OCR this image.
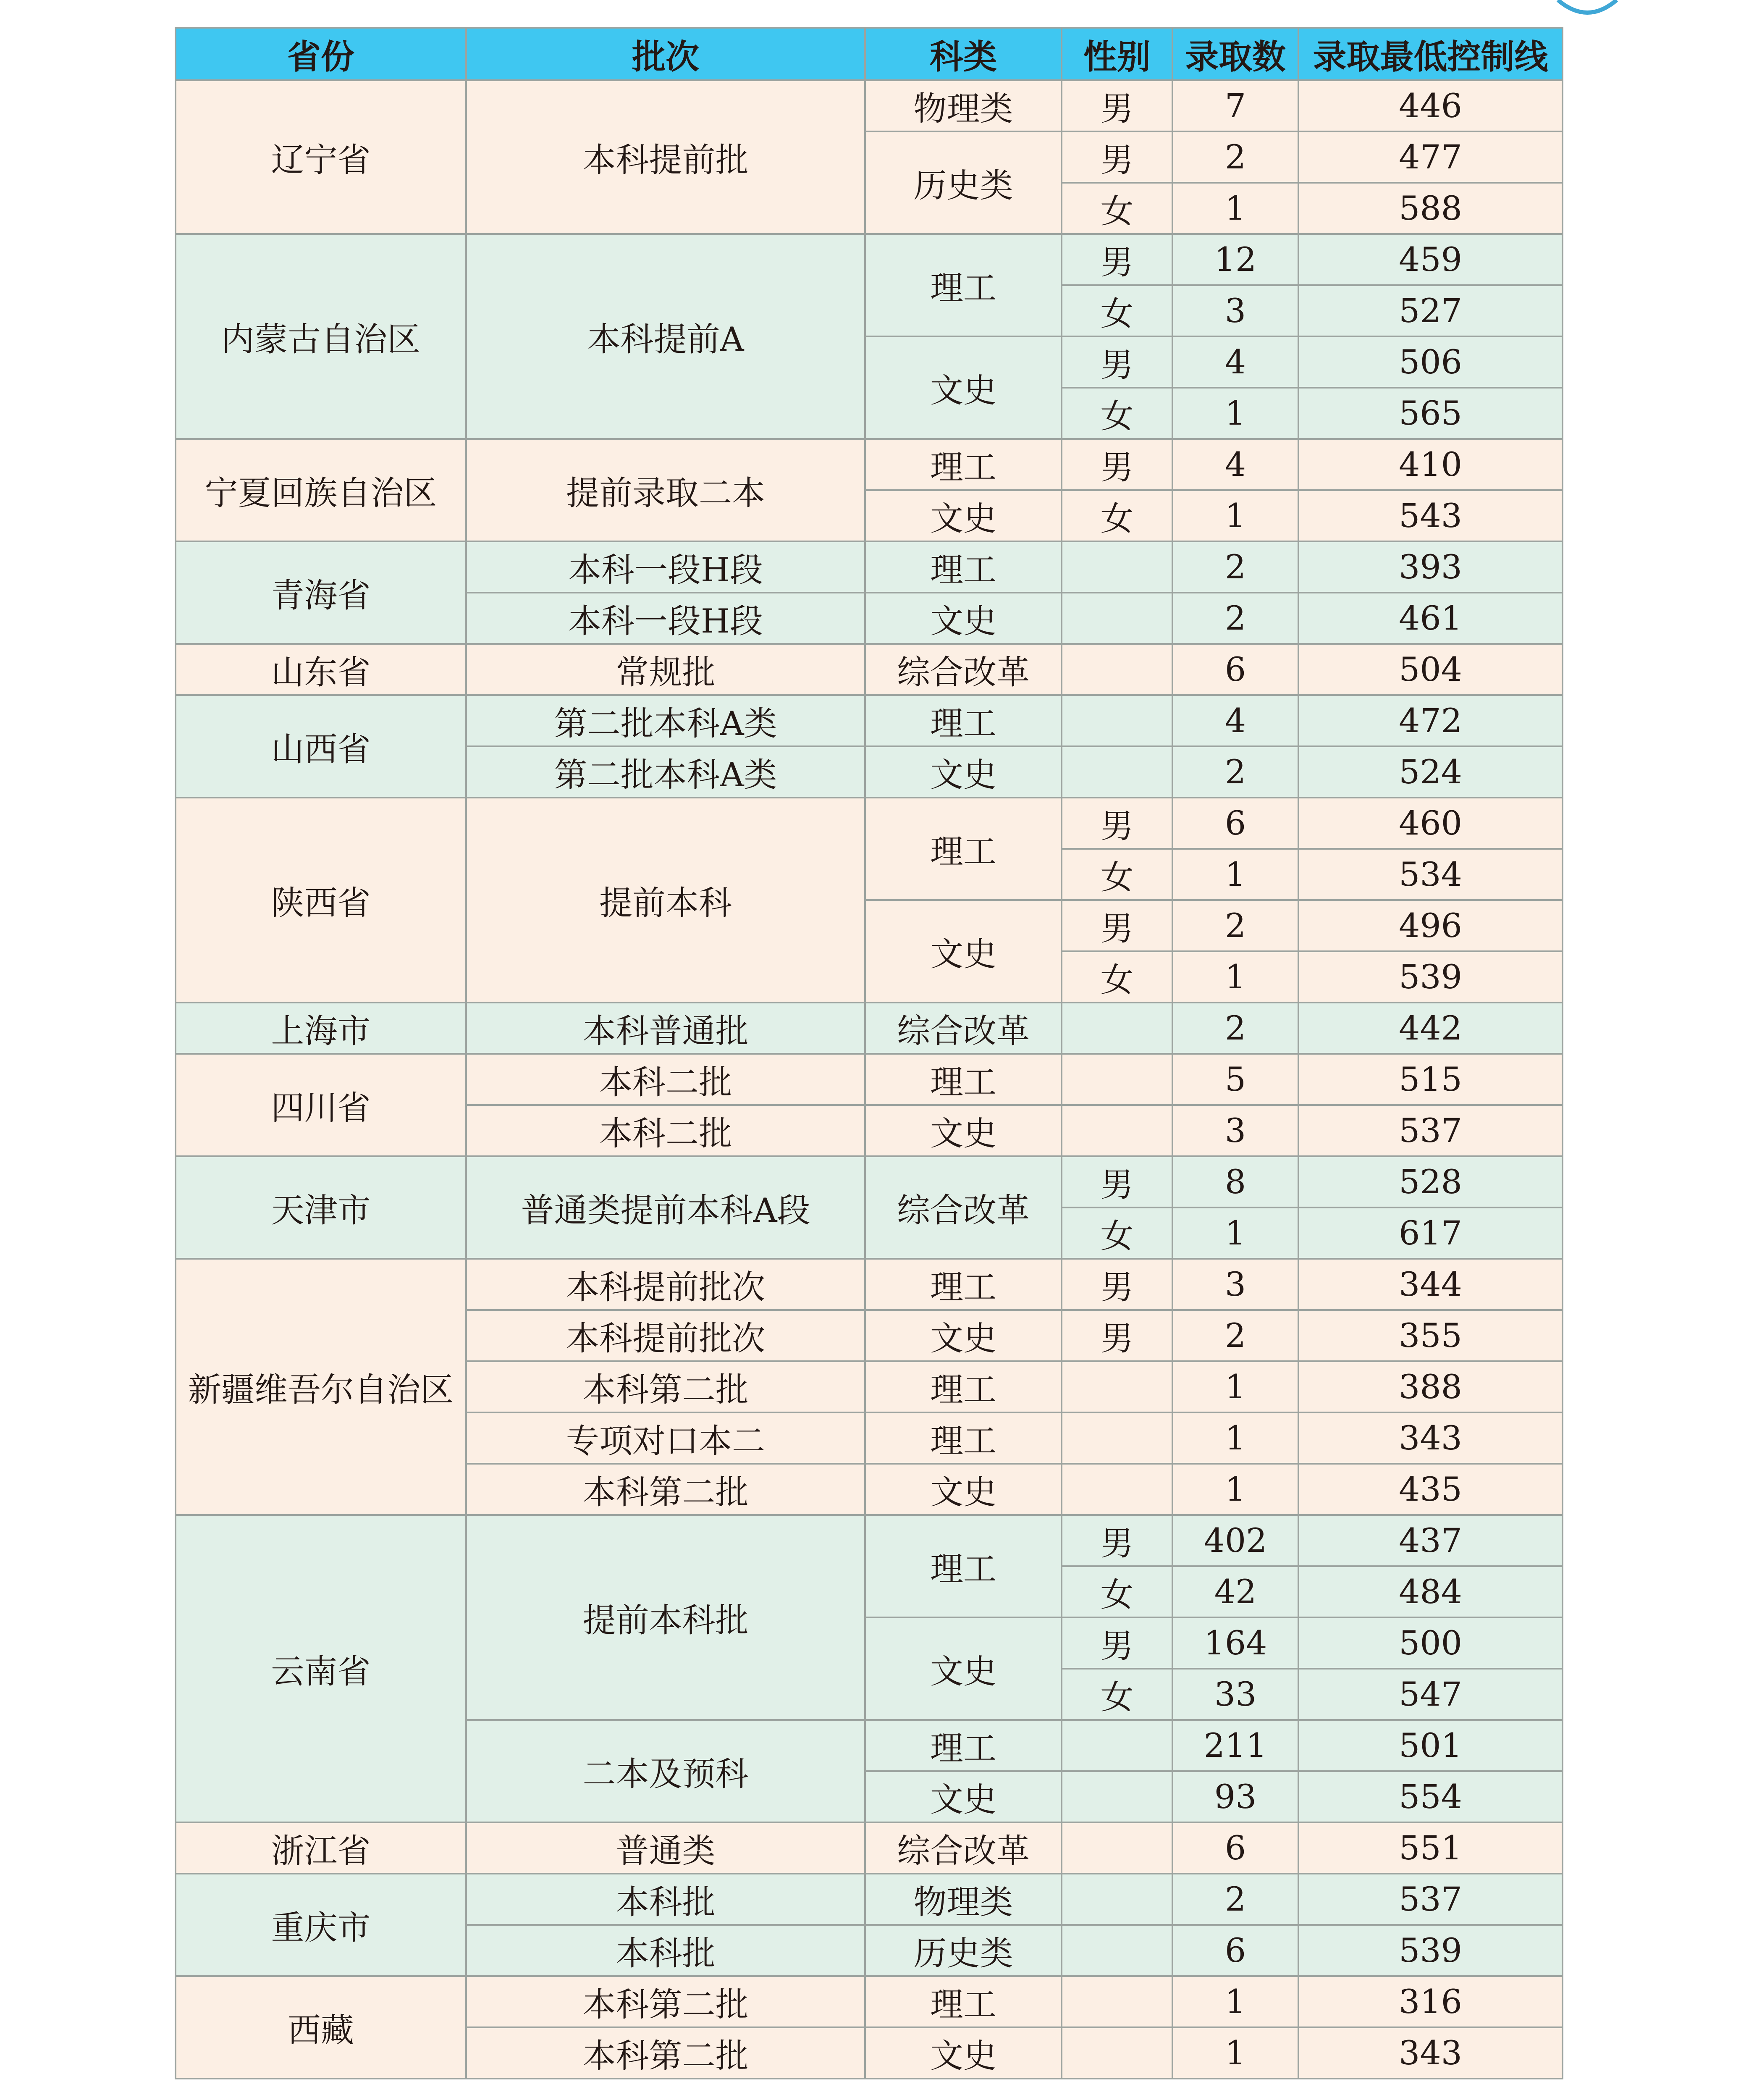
省份	批次	科类	性别	录取数	录取最低控制线
辽宁省	本科提前批	物理类	男	7	446
		历史类	男	2	477
			女	1	588
内蒙古自治区	本科提前A	理工	男	12	459
			女	3	527
		文史	男	4	506
			女	1	565
宁夏回族自治区	提前录取二本	理工	男	4	410
		文史	女	1	543
青海省	本科一段H段	理工		2	393
	本科一段H段	文史		2	461
山东省	常规批	综合改革		6	504
山西省	第二批本科A类	理工		4	472
	第二批本科A类	文史		2	524
陕西省	提前本科	理工	男	6	460
			女	1	534
		文史	男	2	496
			女	1	539
上海市	本科普通批	综合改革		2	442
四川省	本科二批	理工		5	515
	本科二批	文史		3	537
天津市	普通类提前本科A段	综合改革	男	8	528
			女	1	617
新疆维吾尔自治区	本科提前批次	理工	男	3	344
	本科提前批次	文史	男	2	355
	本科第二批	理工		1	388
	专项对口本二	理工		1	343
	本科第二批	文史		1	435
云南省	提前本科批	理工	男	402	437
			女	42	484
		文史	男	164	500
			女	33	547
	二本及预科	理工		211	501
		文史		93	554
浙江省	普通类	综合改革		6	551
重庆市	本科批	物理类		2	537
	本科批	历史类		6	539
西藏	本科第二批	理工		1	316
	本科第二批	文史		1	343
